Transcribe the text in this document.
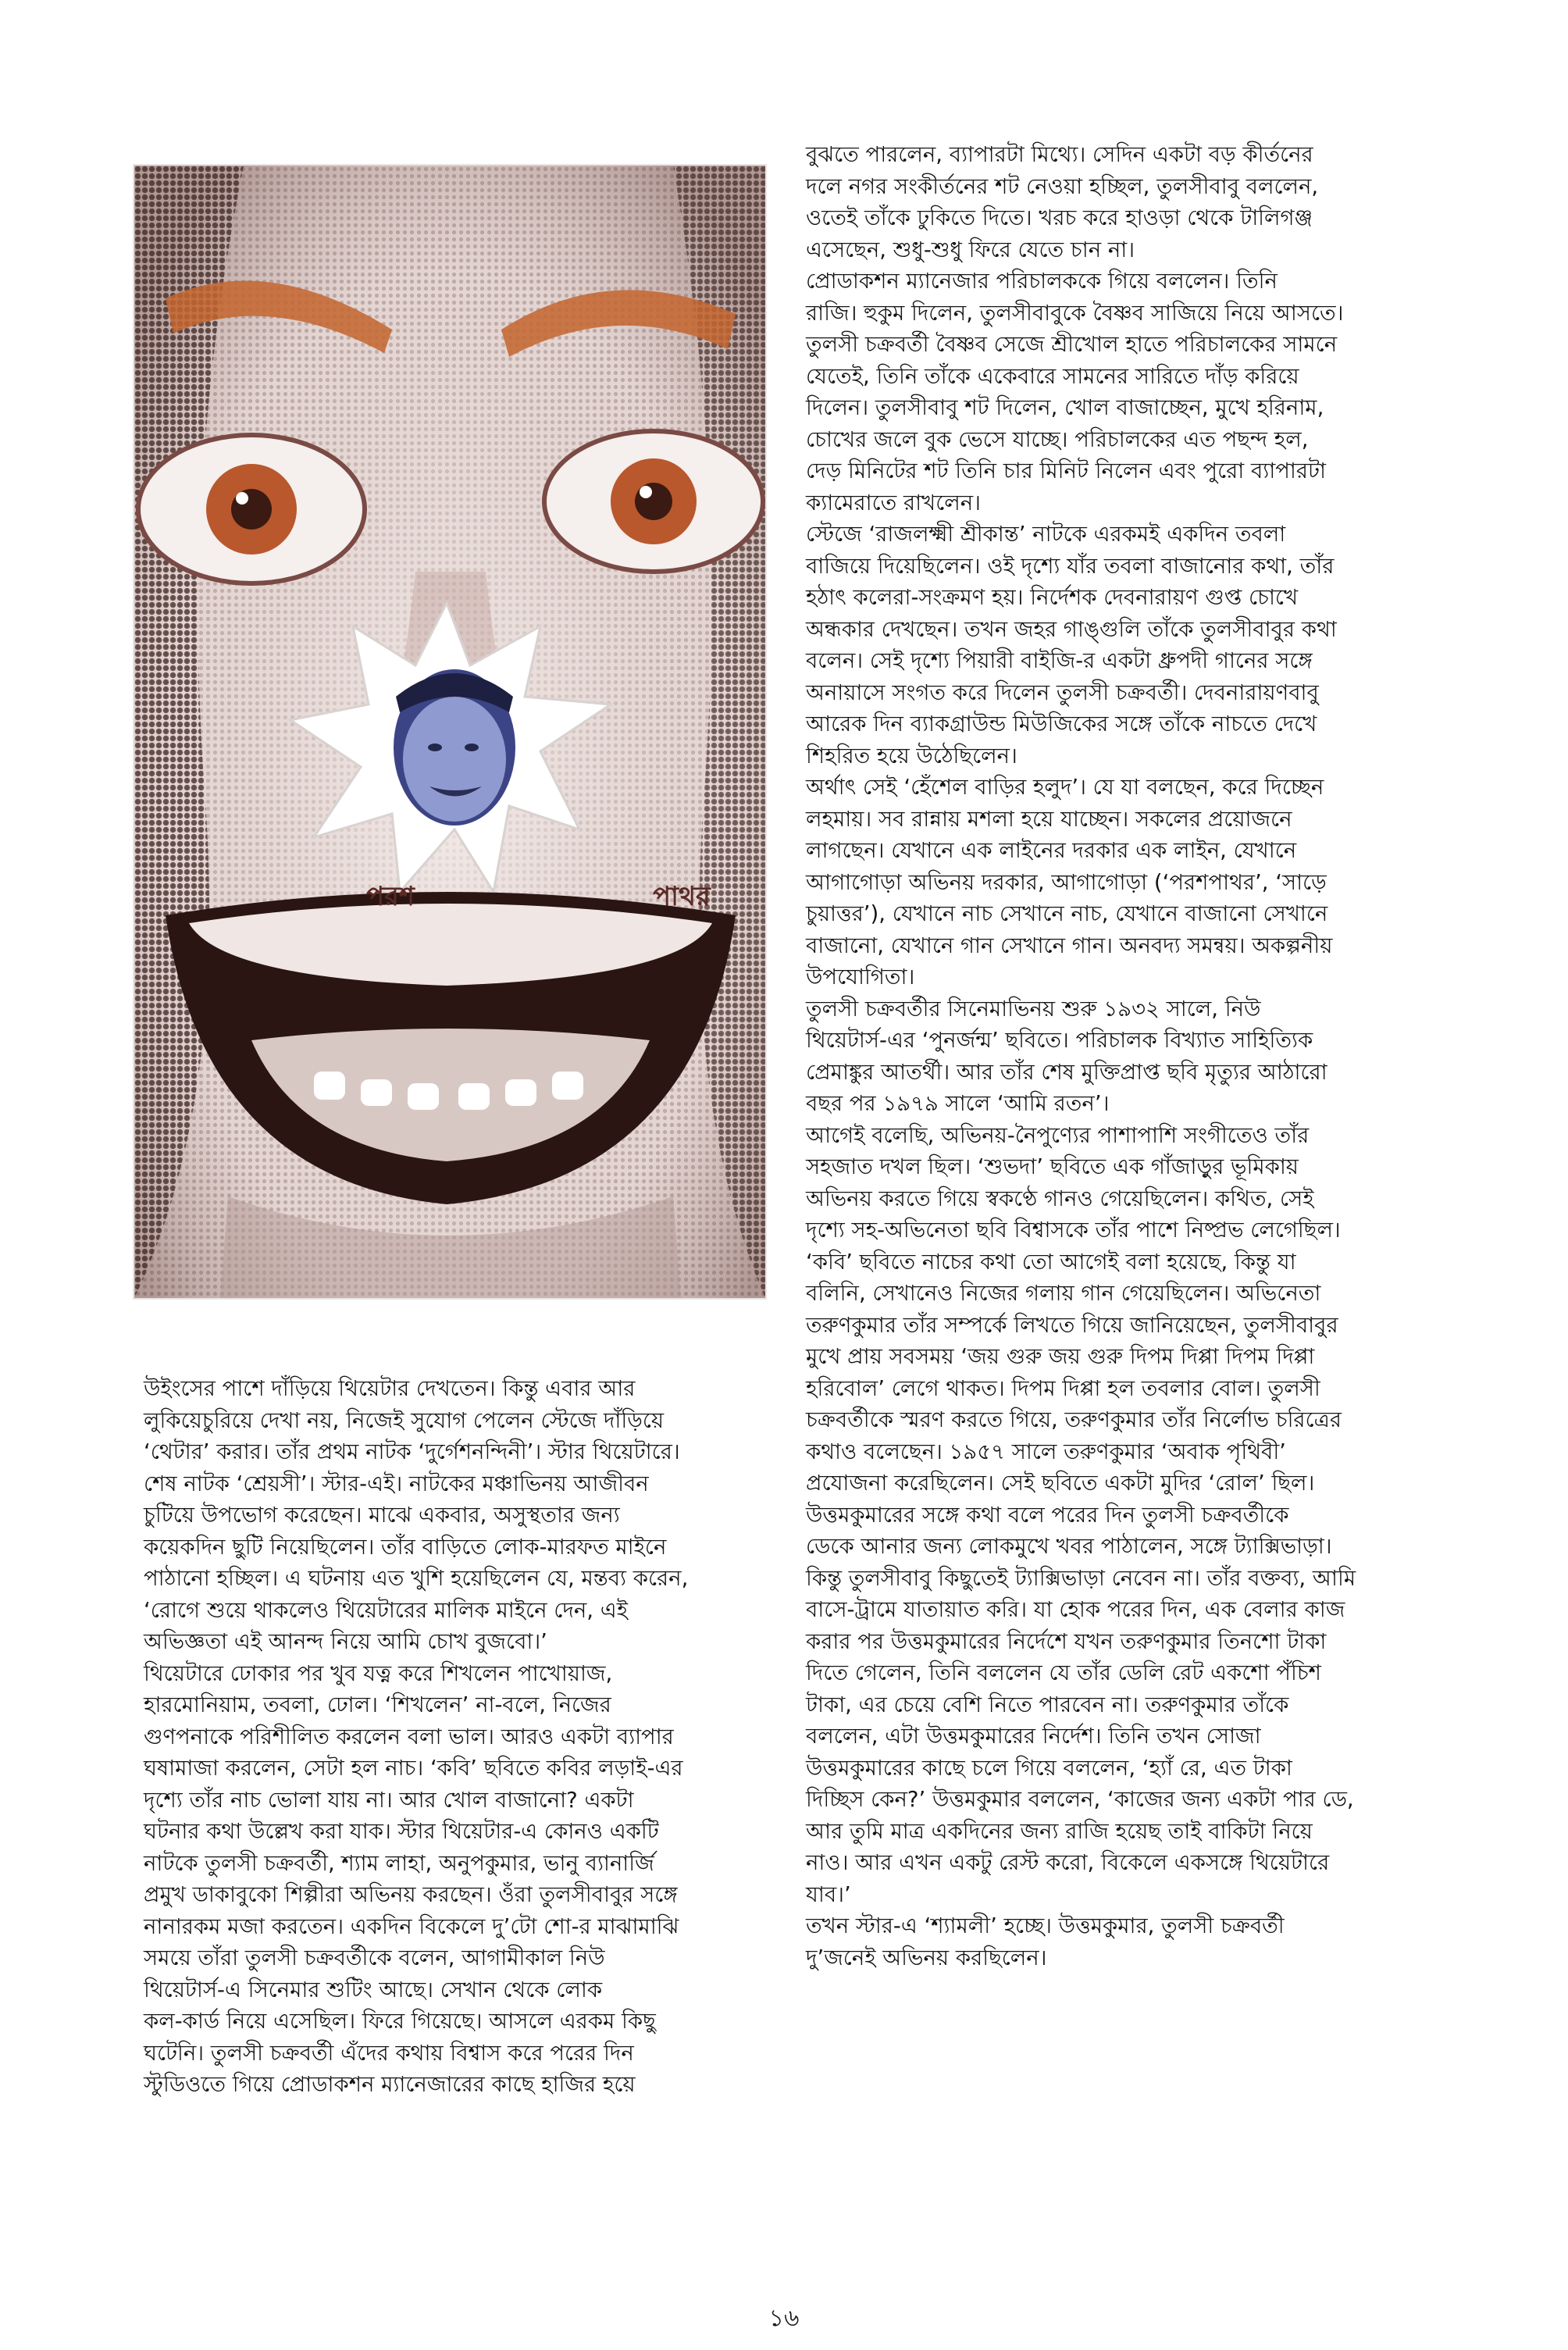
পরশ	পাথর
উইংসের পাশে দাঁড়িয়ে থিয়েটার দেখতেন। কিন্তু এবার আর
লুকিয়েচুরিয়ে দেখা নয়, নিজেই সুযোগ পেলেন স্টেজে দাঁড়িয়ে
‘থেটার’ করার। তাঁর প্রথম নাটক ‘দুর্গেশনন্দিনী’। স্টার থিয়েটারে।
শেষ নাটক ‘শ্রেয়সী’। স্টার-এই। নাটকের মঞ্চাভিনয় আজীবন
চুটিয়ে উপভোগ করেছেন। মাঝে একবার, অসুস্থতার জন্য
কয়েকদিন ছুটি নিয়েছিলেন। তাঁর বাড়িতে লোক-মারফত মাইনে
পাঠানো হচ্ছিল। এ ঘটনায় এত খুশি হয়েছিলেন যে, মন্তব্য করেন,
‘রোগে শুয়ে থাকলেও থিয়েটারের মালিক মাইনে দেন, এই
অভিজ্ঞতা এই আনন্দ নিয়ে আমি চোখ বুজবো।’
থিয়েটারে ঢোকার পর খুব যত্ন করে শিখলেন পাখোয়াজ,
হারমোনিয়াম, তবলা, ঢোল। ‘শিখলেন’ না-বলে, নিজের
গুণপনাকে পরিশীলিত করলেন বলা ভাল। আরও একটা ব্যাপার
ঘষামাজা করলেন, সেটা হল নাচ। ‘কবি’ ছবিতে কবির লড়াই-এর
দৃশ্যে তাঁর নাচ ভোলা যায় না। আর খোল বাজানো? একটা
ঘটনার কথা উল্লেখ করা যাক। স্টার থিয়েটার-এ কোনও একটি
নাটকে তুলসী চক্রবর্তী, শ্যাম লাহা, অনুপকুমার, ভানু ব্যানার্জি
প্রমুখ ডাকাবুকো শিল্পীরা অভিনয় করছেন। ওঁরা তুলসীবাবুর সঙ্গে
নানারকম মজা করতেন। একদিন বিকেলে দু’টো শো-র মাঝামাঝি
সময়ে তাঁরা তুলসী চক্রবর্তীকে বলেন, আগামীকাল নিউ
থিয়েটার্স-এ সিনেমার শুটিং আছে। সেখান থেকে লোক
কল-কার্ড নিয়ে এসেছিল। ফিরে গিয়েছে। আসলে এরকম কিছু
ঘটেনি। তুলসী চক্রবর্তী এঁদের কথায় বিশ্বাস করে পরের দিন
স্টুডিওতে গিয়ে প্রোডাকশন ম্যানেজারের কাছে হাজির হয়ে
বুঝতে পারলেন, ব্যাপারটা মিথ্যে। সেদিন একটা বড় কীর্তনের
দলে নগর সংকীর্তনের শট নেওয়া হচ্ছিল, তুলসীবাবু বললেন,
ওতেই তাঁকে ঢুকিতে দিতে। খরচ করে হাওড়া থেকে টালিগঞ্জ
এসেছেন, শুধু-শুধু ফিরে যেতে চান না।
প্রোডাকশন ম্যানেজার পরিচালককে গিয়ে বললেন। তিনি
রাজি। হুকুম দিলেন, তুলসীবাবুকে বৈষ্ণব সাজিয়ে নিয়ে আসতে।
তুলসী চক্রবর্তী বৈষ্ণব সেজে শ্রীখোল হাতে পরিচালকের সামনে
যেতেই, তিনি তাঁকে একেবারে সামনের সারিতে দাঁড় করিয়ে
দিলেন। তুলসীবাবু শট দিলেন, খোল বাজাচ্ছেন, মুখে হরিনাম,
চোখের জলে বুক ভেসে যাচ্ছে। পরিচালকের এত পছন্দ হল,
দেড় মিনিটের শট তিনি চার মিনিট নিলেন এবং পুরো ব্যাপারটা
ক্যামেরাতে রাখলেন।
স্টেজে ‘রাজলক্ষ্মী শ্রীকান্ত’ নাটকে এরকমই একদিন তবলা
বাজিয়ে দিয়েছিলেন। ওই দৃশ্যে যাঁর তবলা বাজানোর কথা, তাঁর
হঠাৎ কলেরা-সংক্রমণ হয়। নির্দেশক দেবনারায়ণ গুপ্ত চোখে
অন্ধকার দেখছেন। তখন জহর গাঙ্গুলি তাঁকে তুলসীবাবুর কথা
বলেন। সেই দৃশ্যে পিয়ারী বাইজি-র একটা ধ্রুপদী গানের সঙ্গে
অনায়াসে সংগত করে দিলেন তুলসী চক্রবর্তী। দেবনারায়ণবাবু
আরেক দিন ব্যাকগ্রাউন্ড মিউজিকের সঙ্গে তাঁকে নাচতে দেখে
শিহরিত হয়ে উঠেছিলেন।
অর্থাৎ সেই ‘হেঁশেল বাড়ির হলুদ’। যে যা বলছেন, করে দিচ্ছেন
লহমায়। সব রান্নায় মশলা হয়ে যাচ্ছেন। সকলের প্রয়োজনে
লাগছেন। যেখানে এক লাইনের দরকার এক লাইন, যেখানে
আগাগোড়া অভিনয় দরকার, আগাগোড়া (‘পরশপাথর’, ‘সাড়ে
চুয়াত্তর’), যেখানে নাচ সেখানে নাচ, যেখানে বাজানো সেখানে
বাজানো, যেখানে গান সেখানে গান। অনবদ্য সমন্বয়। অকল্পনীয়
উপযোগিতা।
তুলসী চক্রবর্তীর সিনেমাভিনয় শুরু ১৯৩২ সালে, নিউ
থিয়েটার্স-এর ‘পুনর্জন্ম’ ছবিতে। পরিচালক বিখ্যাত সাহিত্যিক
প্রেমাঙ্কুর আতর্থী। আর তাঁর শেষ মুক্তিপ্রাপ্ত ছবি মৃত্যুর আঠারো
বছর পর ১৯৭৯ সালে ‘আমি রতন’।
আগেই বলেছি, অভিনয়-নৈপুণ্যের পাশাপাশি সংগীতেও তাঁর
সহজাত দখল ছিল। ‘শুভদা’ ছবিতে এক গাঁজাড়ুর ভূমিকায়
অভিনয় করতে গিয়ে স্বকণ্ঠে গানও গেয়েছিলেন। কথিত, সেই
দৃশ্যে সহ-অভিনেতা ছবি বিশ্বাসকে তাঁর পাশে নিষ্প্রভ লেগেছিল।
‘কবি’ ছবিতে নাচের কথা তো আগেই বলা হয়েছে, কিন্তু যা
বলিনি, সেখানেও নিজের গলায় গান গেয়েছিলেন। অভিনেতা
তরুণকুমার তাঁর সম্পর্কে লিখতে গিয়ে জানিয়েছেন, তুলসীবাবুর
মুখে প্রায় সবসময় ‘জয় গুরু জয় গুরু দিপম দিপ্পা দিপম দিপ্পা
হরিবোল’ লেগে থাকত। দিপম দিপ্পা হল তবলার বোল। তুলসী
চক্রবর্তীকে স্মরণ করতে গিয়ে, তরুণকুমার তাঁর নির্লোভ চরিত্রের
কথাও বলেছেন। ১৯৫৭ সালে তরুণকুমার ‘অবাক পৃথিবী’
প্রযোজনা করেছিলেন। সেই ছবিতে একটা মুদির ‘রোল’ ছিল।
উত্তমকুমারের সঙ্গে কথা বলে পরের দিন তুলসী চক্রবর্তীকে
ডেকে আনার জন্য লোকমুখে খবর পাঠালেন, সঙ্গে ট্যাক্সিভাড়া।
কিন্তু তুলসীবাবু কিছুতেই ট্যাক্সিভাড়া নেবেন না। তাঁর বক্তব্য, আমি
বাসে-ট্রামে যাতায়াত করি। যা হোক পরের দিন, এক বেলার কাজ
করার পর উত্তমকুমারের নির্দেশে যখন তরুণকুমার তিনশো টাকা
দিতে গেলেন, তিনি বললেন যে তাঁর ডেলি রেট একশো পঁচিশ
টাকা, এর চেয়ে বেশি নিতে পারবেন না। তরুণকুমার তাঁকে
বললেন, এটা উত্তমকুমারের নির্দেশ। তিনি তখন সোজা
উত্তমকুমারের কাছে চলে গিয়ে বললেন, ‘হ্যাঁ রে, এত টাকা
দিচ্ছিস কেন?’ উত্তমকুমার বললেন, ‘কাজের জন্য একটা পার ডে,
আর তুমি মাত্র একদিনের জন্য রাজি হয়েছ তাই বাকিটা নিয়ে
নাও। আর এখন একটু রেস্ট করো, বিকেলে একসঙ্গে থিয়েটারে
যাব।’
তখন স্টার-এ ‘শ্যামলী’ হচ্ছে। উত্তমকুমার, তুলসী চক্রবর্তী
দু’জনেই অভিনয় করছিলেন।
১৬
